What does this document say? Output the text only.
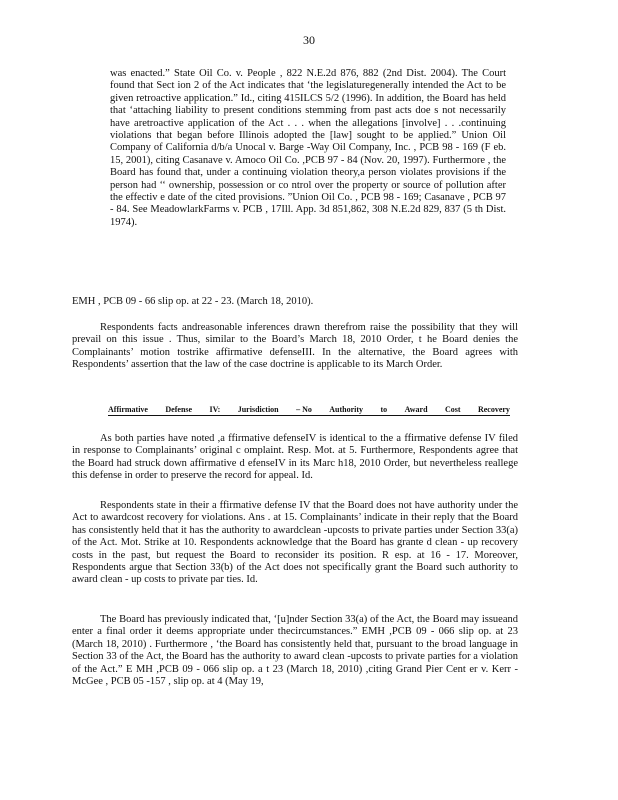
30
was enacted.” State Oil Co. v. People , 822 N.E.2d 876, 882 (2nd Dist. 2004). The Court found that Sect ion 2 of the Act indicates that ‘the legislaturegenerally intended the Act to be given retroactive application.” Id., citing 415ILCS 5/2 (1996). In addition, the Board has held that ‘attaching liability to present conditions stemming from past acts doe s not necessarily have aretroactive application of the Act . . . when the allegations [involve] . . .continuing violations that began before Illinois adopted the [law] sought to be applied.” Union Oil Company of California d/b/a Unocal v. Barge -Way Oil Company, Inc. , PCB 98 - 169 (F eb. 15, 2001), citing Casanave v. Amoco Oil Co. ,PCB 97 - 84 (Nov. 20, 1997). Furthermore , the Board has found that, under a continuing violation theory,a person violates provisions if the person had ‘‘ ownership, possession or co ntrol over the property or source of pollution after the effectiv e date of the cited provisions. ”Union Oil Co. , PCB 98 - 169; Casanave , PCB 97 - 84. See MeadowlarkFarms v. PCB , 17Ill. App. 3d 851,862, 308 N.E.2d 829, 837 (5 th Dist. 1974).
EMH , PCB 09 - 66 slip op. at 22 - 23. (March 18, 2010).
Respondents facts andreasonable inferences drawn therefrom raise the possibility that they will prevail on this issue . Thus, similar to the Board’s March 18, 2010 Order, t he Board denies the Complainants’ motion tostrike affirmative defenseIII. In the alternative, the Board agrees with Respondents’ assertion that the law of the case doctrine is applicable to its March Order.
Affirmative Defense IV: Jurisdiction – No Authority to Award Cost Recovery
As both parties have noted ,a ffirmative defenseIV is identical to the a ffirmative defense IV filed in response to Complainants’ original c omplaint. Resp. Mot. at 5. Furthermore, Respondents agree that the Board had struck down affirmative d efenseIV in its Marc h18, 2010 Order, but nevertheless reallege this defense in order to preserve the record for appeal. Id.
Respondents state in their a ffirmative defense IV that the Board does not have authority under the Act to awardcost recovery for violations. Ans . at 15. Complainants’ indicate in their reply that the Board has consistently held that it has the authority to awardclean -upcosts to private parties under Section 33(a) of the Act. Mot. Strike at 10. Respondents acknowledge that the Board has grante d clean - up recovery costs in the past, but request the Board to reconsider its position. R esp. at 16 - 17. Moreover, Respondents argue that Section 33(b) of the Act does not specifically grant the Board such authority to award clean - up costs to private par ties. Id.
The Board has previously indicated that, ‘[u]nder Section 33(a) of the Act, the Board may issueand enter a final order it deems appropriate under thecircumstances.” EMH ,PCB 09 - 066 slip op. at 23 (March 18, 2010) . Furthermore , ‘the Board has consistently held that, pursuant to the broad language in Section 33 of the Act, the Board has the authority to award clean -upcosts to private parties for a violation of the Act.” E MH ,PCB 09 - 066 slip op. a t 23 (March 18, 2010) ,citing Grand Pier Cent er v. Kerr -McGee , PCB 05 -157 , slip op. at 4 (May 19,
